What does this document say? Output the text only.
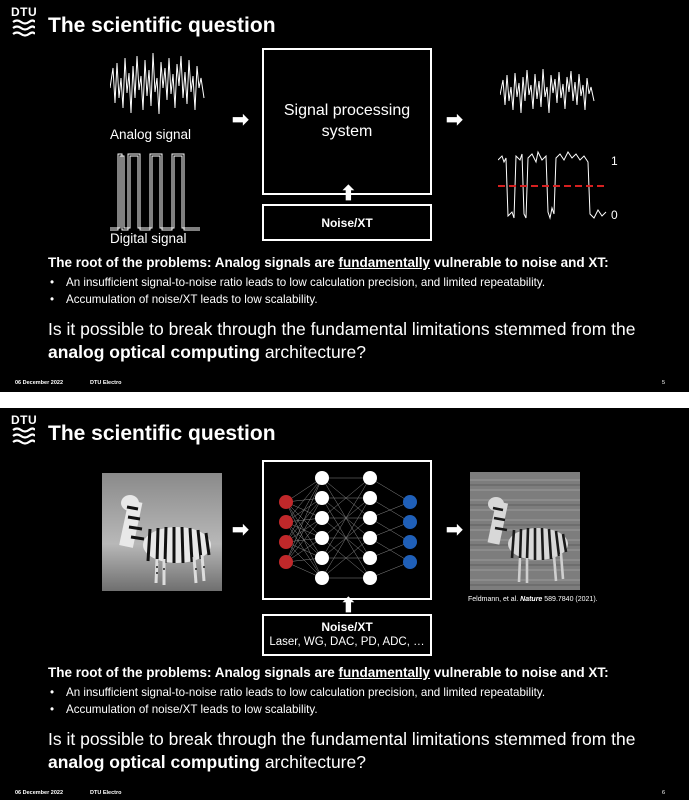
DTU
The scientific question
Analog signal
Digital signal
➡	Signal processing
system
⬆
Noise/XT
➡
1
0
The root of the problems: Analog signals are fundamentally vulnerable to noise and XT:
• An insufficient signal-to-noise ratio leads to low calculation precision, and limited repeatability.
• Accumulation of noise/XT leads to low scalability.
Is it possible to break through the fundamental limitations stemmed from the
analog optical computing architecture?
06 December 2022	DTU Electro	5
DTU
The scientific question
➡
⬆
Noise/XT
Laser, WG, DAC, PD, ADC, …
➡
Feldmann, et al. Nature 589.7840 (2021).
The root of the problems: Analog signals are fundamentally vulnerable to noise and XT:
• An insufficient signal-to-noise ratio leads to low calculation precision, and limited repeatability.
• Accumulation of noise/XT leads to low scalability.
Is it possible to break through the fundamental limitations stemmed from the
analog optical computing architecture?
06 December 2022	DTU Electro	6
